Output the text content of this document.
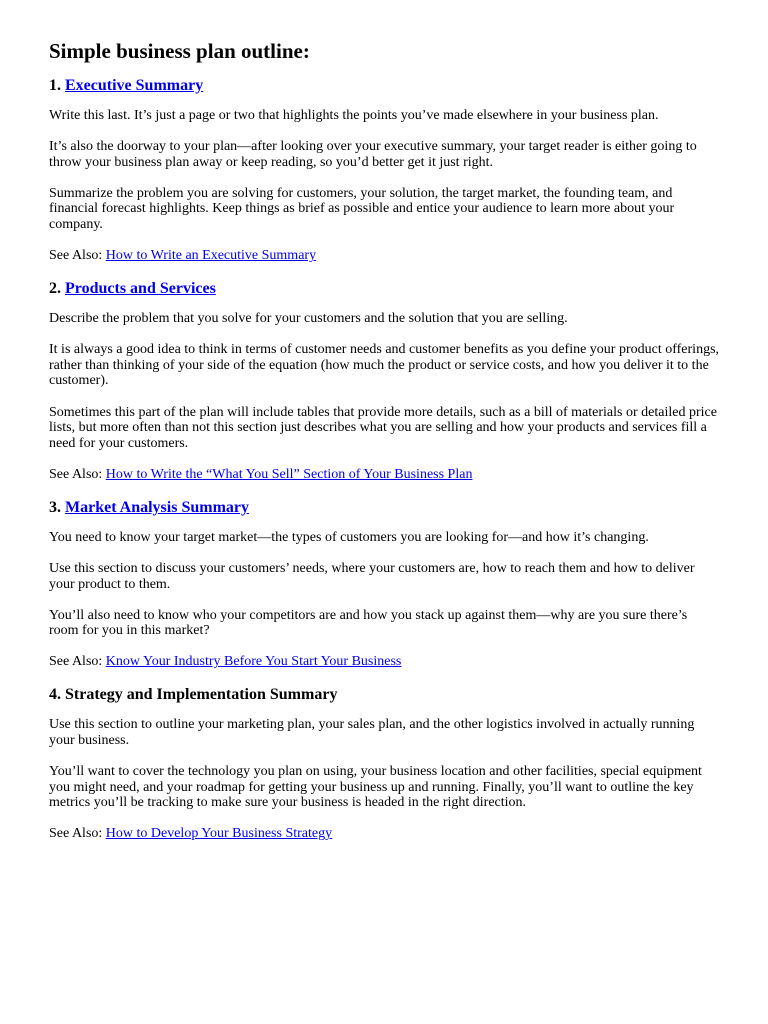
Simple business plan outline:
1. Executive Summary

Write this last. It’s just a page or two that highlights the points you’ve made elsewhere in your business plan.

It’s also the doorway to your plan—after looking over your executive summary, your target reader is either going to throw your business plan away or keep reading, so you’d better get it just right.

Summarize the problem you are solving for customers, your solution, the target market, the founding team, and financial forecast highlights. Keep things as brief as possible and entice your audience to learn more about your company.

See Also: How to Write an Executive Summary

2. Products and Services

Describe the problem that you solve for your customers and the solution that you are selling.

It is always a good idea to think in terms of customer needs and customer benefits as you define your product offerings, rather than thinking of your side of the equation (how much the product or service costs, and how you deliver it to the customer).

Sometimes this part of the plan will include tables that provide more details, such as a bill of materials or detailed price lists, but more often than not this section just describes what you are selling and how your products and services fill a need for your customers.

See Also: How to Write the “What You Sell” Section of Your Business Plan

3. Market Analysis Summary

You need to know your target market—the types of customers you are looking for—and how it’s changing.

Use this section to discuss your customers’ needs, where your customers are, how to reach them and how to deliver your product to them.

You’ll also need to know who your competitors are and how you stack up against them—why are you sure there’s room for you in this market?

See Also: Know Your Industry Before You Start Your Business

4. Strategy and Implementation Summary

Use this section to outline your marketing plan, your sales plan, and the other logistics involved in actually running your business.

You’ll want to cover the technology you plan on using, your business location and other facilities, special equipment you might need, and your roadmap for getting your business up and running. Finally, you’ll want to outline the key metrics you’ll be tracking to make sure your business is headed in the right direction.

See Also: How to Develop Your Business Strategy
